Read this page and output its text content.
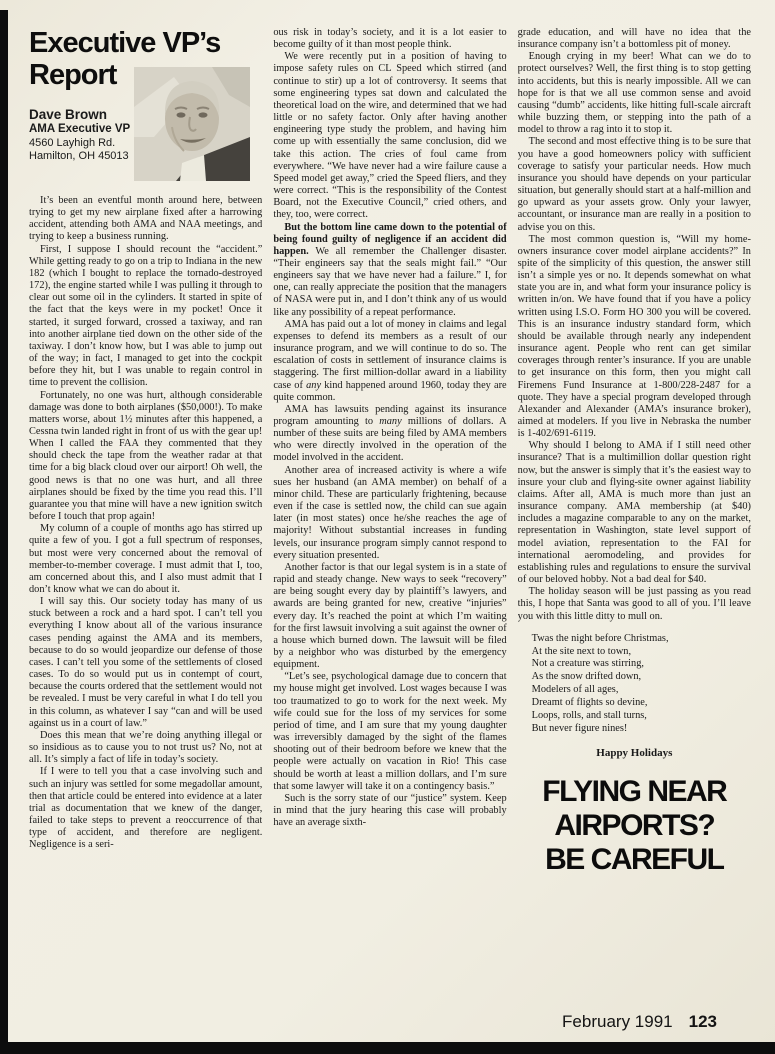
Executive VP’s
Report
Dave Brown
AMA Executive VP
4560 Layhigh Rd.
Hamilton, OH 45013

It’s been an eventful month around here, between trying to get my new airplane fixed after a harrowing accident, attending both AMA and NAA meetings, and trying to keep a business running.

First, I suppose I should recount the “accident.” While getting ready to go on a trip to Indiana in the new 182 (which I bought to replace the tornado-destroyed 172), the engine started while I was pulling it through to clear out some oil in the cylinders. It started in spite of the fact that the keys were in my pocket! Once it started, it surged forward, crossed a taxiway, and ran into another airplane tied down on the other side of the taxiway. I don’t know how, but I was able to jump out of the way; in fact, I managed to get into the cockpit before they hit, but I was unable to regain control in time to prevent the collision.

Fortunately, no one was hurt, although considerable damage was done to both airplanes ($50,000!). To make matters worse, about 1½ minutes after this happened, a Cessna twin landed right in front of us with the gear up! When I called the FAA they commented that they should check the tape from the weather radar at that time for a big black cloud over our airport! Oh well, the good news is that no one was hurt, and all three airplanes should be fixed by the time you read this. I’ll guarantee you that mine will have a new ignition switch before I touch that prop again!

My column of a couple of months ago has stirred up quite a few of you. I got a full spectrum of responses, but most were very concerned about the removal of member-to-member coverage. I must admit that I, too, am concerned about this, and I also must admit that I don’t know what we can do about it.

I will say this. Our society today has many of us stuck between a rock and a hard spot. I can’t tell you everything I know about all of the various insurance cases pending against the AMA and its members, because to do so would jeopardize our defense of those cases. I can’t tell you some of the settlements of closed cases. To do so would put us in contempt of court, because the courts ordered that the settlement would not be revealed. I must be very careful in what I do tell you in this column, as whatever I say “can and will be used against us in a court of law.”

Does this mean that we’re doing anything illegal or so insidious as to cause you to not trust us? No, not at all. It’s simply a fact of life in today’s society.

If I were to tell you that a case involving such and such an injury was settled for some megadollar amount, then that article could be entered into evidence at a later trial as documentation that we knew of the danger, failed to take steps to prevent a reoccurrence of that type of accident, and therefore are negligent. Negligence is a seri-

ous risk in today’s society, and it is a lot easier to become guilty of it than most people think.

We were recently put in a position of having to impose safety rules on CL Speed which stirred (and continue to stir) up a lot of controversy. It seems that some engineering types sat down and calculated the theoretical load on the wire, and determined that we had little or no safety factor. Only after having another engineering type study the problem, and having him come up with essentially the same conclusion, did we take this action. The cries of foul came from everywhere. “We have never had a wire failure cause a Speed model get away,” cried the Speed fliers, and they were correct. “This is the responsibility of the Contest Board, not the Executive Council,” cried others, and they, too, were correct.

But the bottom line came down to the potential of being found guilty of negligence if an accident did happen. We all remember the Challenger disaster. “Their engineers say that the seals might fail.” “Our engineers say that we have never had a failure.” I, for one, can really appreciate the position that the managers of NASA were put in, and I don’t think any of us would like any possibility of a repeat performance.

AMA has paid out a lot of money in claims and legal expenses to defend its members as a result of our insurance program, and we will continue to do so. The escalation of costs in settlement of insurance claims is staggering. The first million-dollar award in a liability case of any kind happened around 1960, today they are quite common.

AMA has lawsuits pending against its insurance program amounting to many millions of dollars. A number of these suits are being filed by AMA members who were directly involved in the operation of the model involved in the accident.

Another area of increased activity is where a wife sues her husband (an AMA member) on behalf of a minor child. These are particularly frightening, because even if the case is settled now, the child can sue again later (in most states) once he/she reaches the age of majority! Without substantial increases in funding levels, our insurance program simply cannot respond to every situation presented.

Another factor is that our legal system is in a state of rapid and steady change. New ways to seek “recovery” are being sought every day by plaintiff’s lawyers, and awards are being granted for new, creative “injuries” every day. It’s reached the point at which I’m waiting for the first lawsuit involving a suit against the owner of a house which burned down. The lawsuit will be filed by a neighbor who was disturbed by the emergency equipment.

“Let’s see, psychological damage due to concern that my house might get involved. Lost wages because I was too traumatized to go to work for the next week. My wife could sue for the loss of my services for some period of time, and I am sure that my young daughter was irreversibly damaged by the sight of the flames shooting out of their bedroom before we knew that the people were actually on vacation in Rio! This case should be worth at least a million dollars, and I’m sure that some lawyer will take it on a contingency basis.”

Such is the sorry state of our “justice” system. Keep in mind that the jury hearing this case will probably have an average sixth-

grade education, and will have no idea that the insurance company isn’t a bottomless pit of money.

Enough crying in my beer! What can we do to protect ourselves? Well, the first thing is to stop getting into accidents, but this is nearly impossible. All we can hope for is that we all use common sense and avoid causing “dumb” accidents, like hitting full-scale aircraft while buzzing them, or stepping into the path of a model to throw a rag into it to stop it.

The second and most effective thing is to be sure that you have a good homeowners policy with sufficient coverage to satisfy your particular needs. How much insurance you should have depends on your particular situation, but generally should start at a half-million and go upward as your assets grow. Only your lawyer, accountant, or insurance man are really in a position to advise you on this.

The most common question is, “Will my home-owners insurance cover model airplane accidents?” In spite of the simplicity of this question, the answer still isn’t a simple yes or no. It depends somewhat on what state you are in, and what form your insurance policy is written in/on. We have found that if you have a policy written using I.S.O. Form HO 300 you will be covered. This is an insurance industry standard form, which should be available through nearly any independent insurance agent. People who rent can get similar coverages through renter’s insurance. If you are unable to get insurance on this form, then you might call Firemens Fund Insurance at 1-800/228-2487 for a quote. They have a special program developed through Alexander and Alexander (AMA’s insurance broker), aimed at modelers. If you live in Nebraska the number is 1-402/691-6119.

Why should I belong to AMA if I still need other insurance? That is a multimillion dollar question right now, but the answer is simply that it’s the easiest way to insure your club and flying-site owner against liability claims. After all, AMA is much more than just an insurance company. AMA membership (at $40) includes a magazine comparable to any on the market, representation in Washington, state level support of model aviation, representation to the FAI for international aeromodeling, and provides for establishing rules and regulations to ensure the survival of our beloved hobby. Not a bad deal for $40.

The holiday season will be just passing as you read this, I hope that Santa was good to all of you. I’ll leave you with this little ditty to mull on.

Twas the night before Christmas,
At the site next to town,
Not a creature was stirring,
As the snow drifted down,
Modelers of all ages,
Dreamt of flights so devine,
Loops, rolls, and stall turns,
But never figure nines!
Happy Holidays
FLYING NEAR
AIRPORTS?
BE CAREFUL
February 1991 123
